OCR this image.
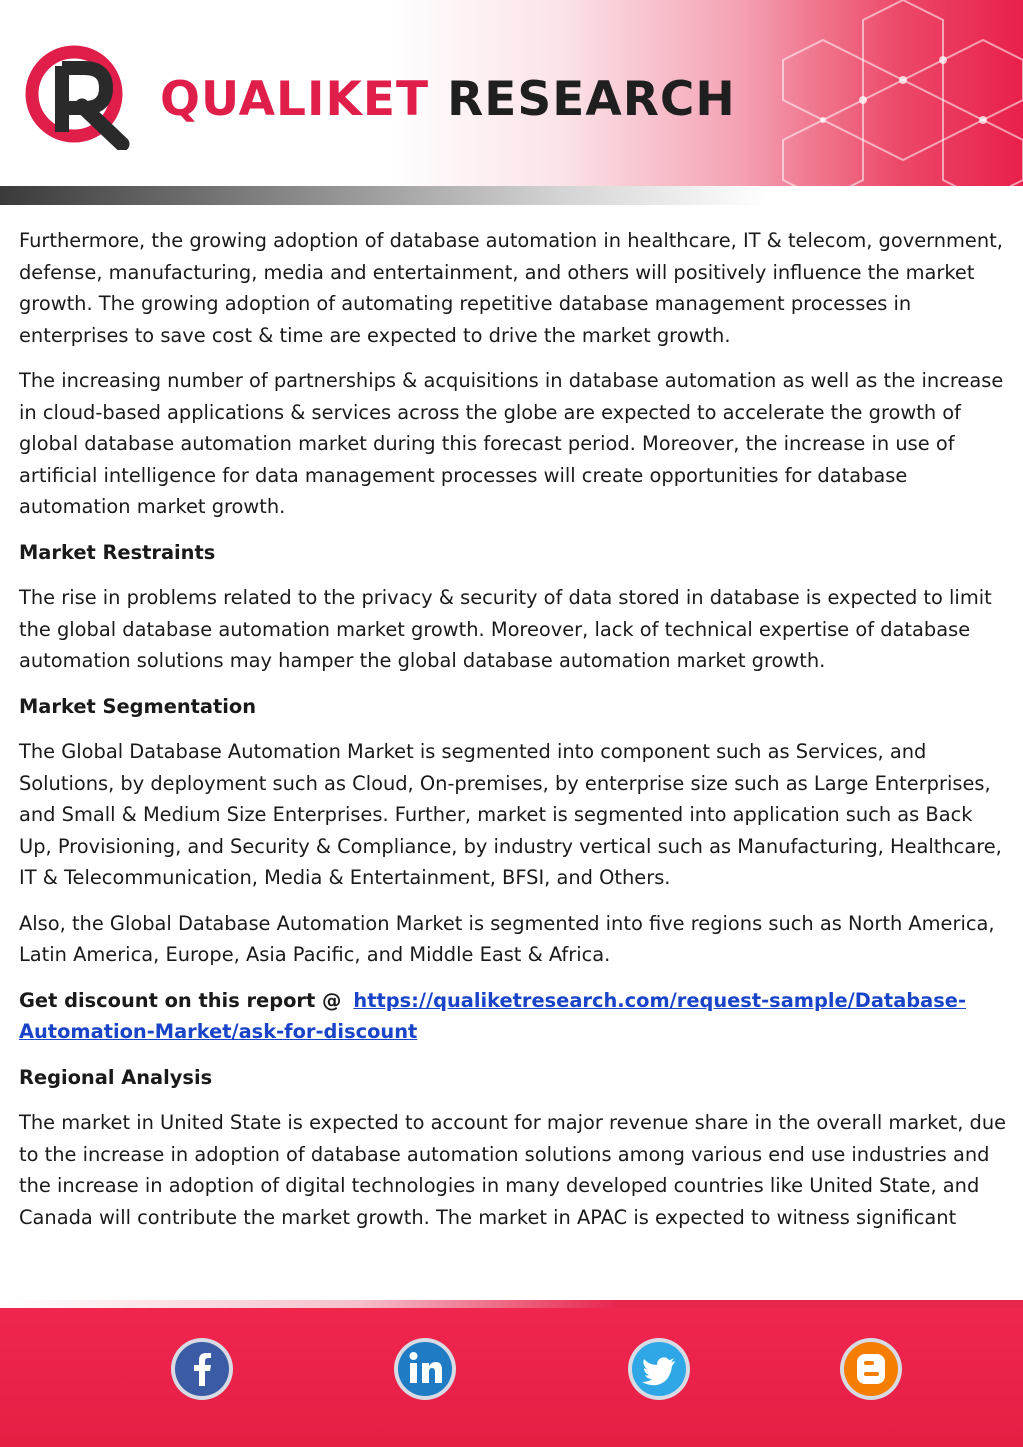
QUALIKET RESEARCH

Furthermore, the growing adoption of database automation in healthcare, IT & telecom, government, defense, manufacturing, media and entertainment, and others will positively influence the market growth. The growing adoption of automating repetitive database management processes in enterprises to save cost & time are expected to drive the market growth.

The increasing number of partnerships & acquisitions in database automation as well as the increase in cloud-based applications & services across the globe are expected to accelerate the growth of global database automation market during this forecast period. Moreover, the increase in use of artificial intelligence for data management processes will create opportunities for database automation market growth.

Market Restraints

The rise in problems related to the privacy & security of data stored in database is expected to limit the global database automation market growth. Moreover, lack of technical expertise of database automation solutions may hamper the global database automation market growth.

Market Segmentation

The Global Database Automation Market is segmented into component such as Services, and Solutions, by deployment such as Cloud, On-premises, by enterprise size such as Large Enterprises, and Small & Medium Size Enterprises. Further, market is segmented into application such as Back Up, Provisioning, and Security & Compliance, by industry vertical such as Manufacturing, Healthcare, IT & Telecommunication, Media & Entertainment, BFSI, and Others.

Also, the Global Database Automation Market is segmented into five regions such as North America, Latin America, Europe, Asia Pacific, and Middle East & Africa.

Get discount on this report @ https://qualiketresearch.com/request-sample/Database-Automation-Market/ask-for-discount

Regional Analysis

The market in United State is expected to account for major revenue share in the overall market, due to the increase in adoption of database automation solutions among various end use industries and the increase in adoption of digital technologies in many developed countries like United State, and Canada will contribute the market growth. The market in APAC is expected to witness significant
